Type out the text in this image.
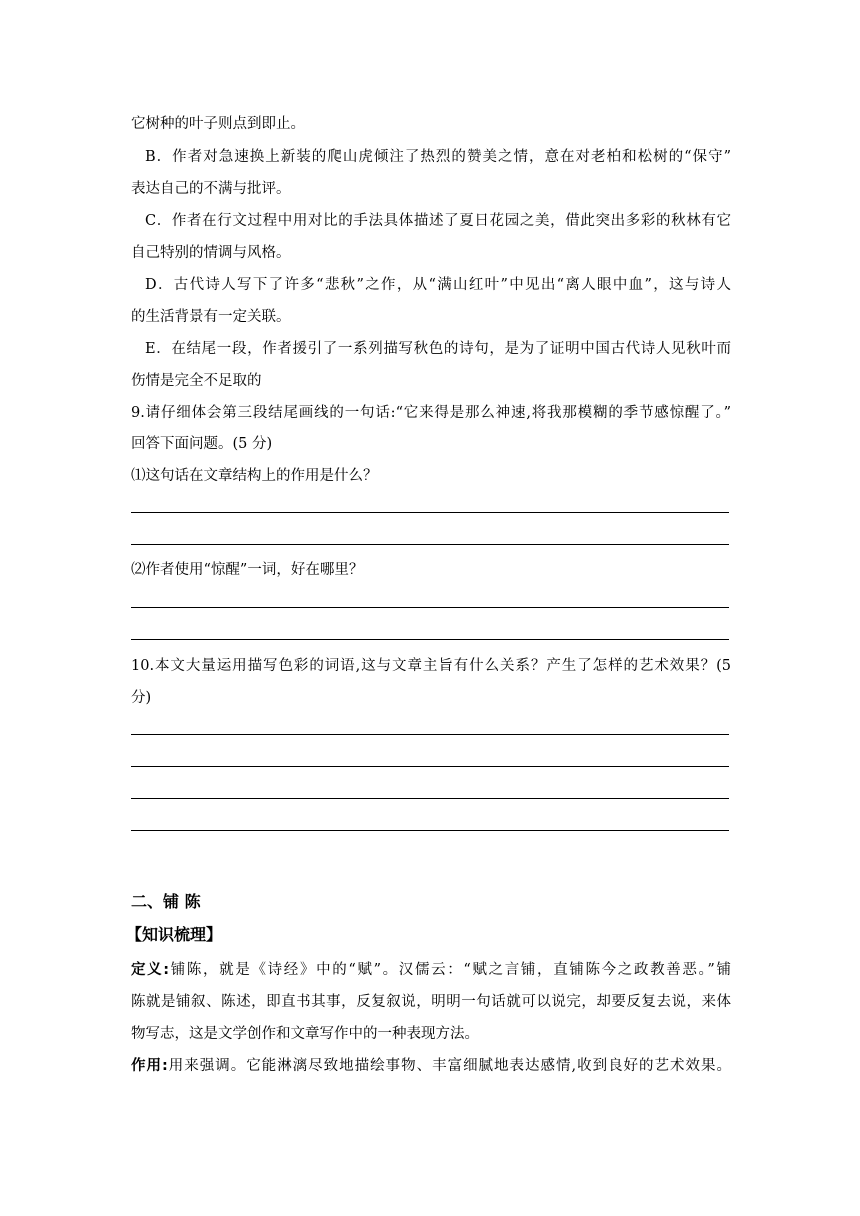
它树种的叶子则点到即止。
B．作者对急速换上新装的爬山虎倾注了热烈的赞美之情，意在对老柏和松树的“保守”
表达自己的不满与批评。
C．作者在行文过程中用对比的手法具体描述了夏日花园之美，借此突出多彩的秋林有它
自己特别的情调与风格。
D．古代诗人写下了许多“悲秋”之作，从“满山红叶”中见出“离人眼中血”，这与诗人
的生活背景有一定关联。
E．在结尾一段，作者援引了一系列描写秋色的诗句，是为了证明中国古代诗人见秋叶而
伤情是完全不足取的
9.请仔细体会第三段结尾画线的一句话:“它来得是那么神速,将我那模糊的季节感惊醒了。”
回答下面问题。(5 分)
⑴这句话在文章结构上的作用是什么？
⑵作者使用“惊醒”一词，好在哪里？
10.本文大量运用描写色彩的词语,这与文章主旨有什么关系？产生了怎样的艺术效果？(5
分)
二、铺 陈
【知识梳理】
定义:铺陈，就是《诗经》中的“赋”。汉儒云：“赋之言铺，直铺陈今之政教善恶。”铺
陈就是铺叙、陈述，即直书其事，反复叙说，明明一句话就可以说完，却要反复去说，来体
物写志，这是文学创作和文章写作中的一种表现方法。
作用:用来强调。它能淋漓尽致地描绘事物、丰富细腻地表达感情,收到良好的艺术效果。
